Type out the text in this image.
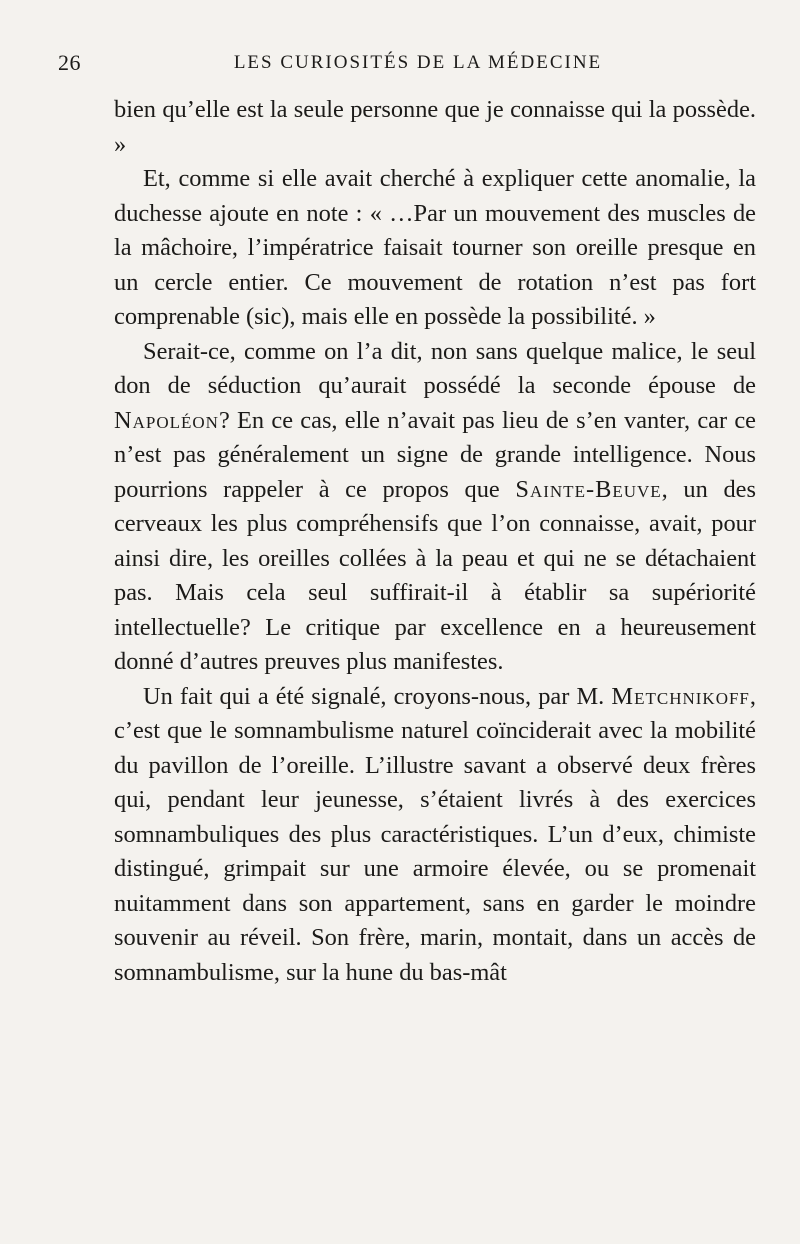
26	LES CURIOSITÉS DE LA MÉDECINE

bien qu’elle est la seule personne que je connaisse qui la possède. »

Et, comme si elle avait cherché à expliquer cette anomalie, la duchesse ajoute en note : « …Par un mouvement des muscles de la mâchoire, l’impératrice faisait tourner son oreille presque en un cercle entier. Ce mouvement de rotation n’est pas fort comprenable (sic), mais elle en possède la possibilité. »

Serait-ce, comme on l’a dit, non sans quelque malice, le seul don de séduction qu’aurait possédé la seconde épouse de Napoléon? En ce cas, elle n’avait pas lieu de s’en vanter, car ce n’est pas généralement un signe de grande intelligence. Nous pourrions rappeler à ce propos que Sainte-Beuve, un des cerveaux les plus compréhensifs que l’on connaisse, avait, pour ainsi dire, les oreilles collées à la peau et qui ne se détachaient pas. Mais cela seul suffirait-il à établir sa supériorité intellectuelle? Le critique par excellence en a heureusement donné d’autres preuves plus manifestes.

Un fait qui a été signalé, croyons-nous, par M. Metchnikoff, c’est que le somnambulisme naturel coïnciderait avec la mobilité du pavillon de l’oreille. L’illustre savant a observé deux frères qui, pendant leur jeunesse, s’étaient livrés à des exercices somnambuliques des plus caractéristiques. L’un d’eux, chimiste distingué, grimpait sur une armoire élevée, ou se promenait nuitamment dans son appartement, sans en garder le moindre souvenir au réveil. Son frère, marin, montait, dans un accès de somnambulisme, sur la hune du bas-mât
